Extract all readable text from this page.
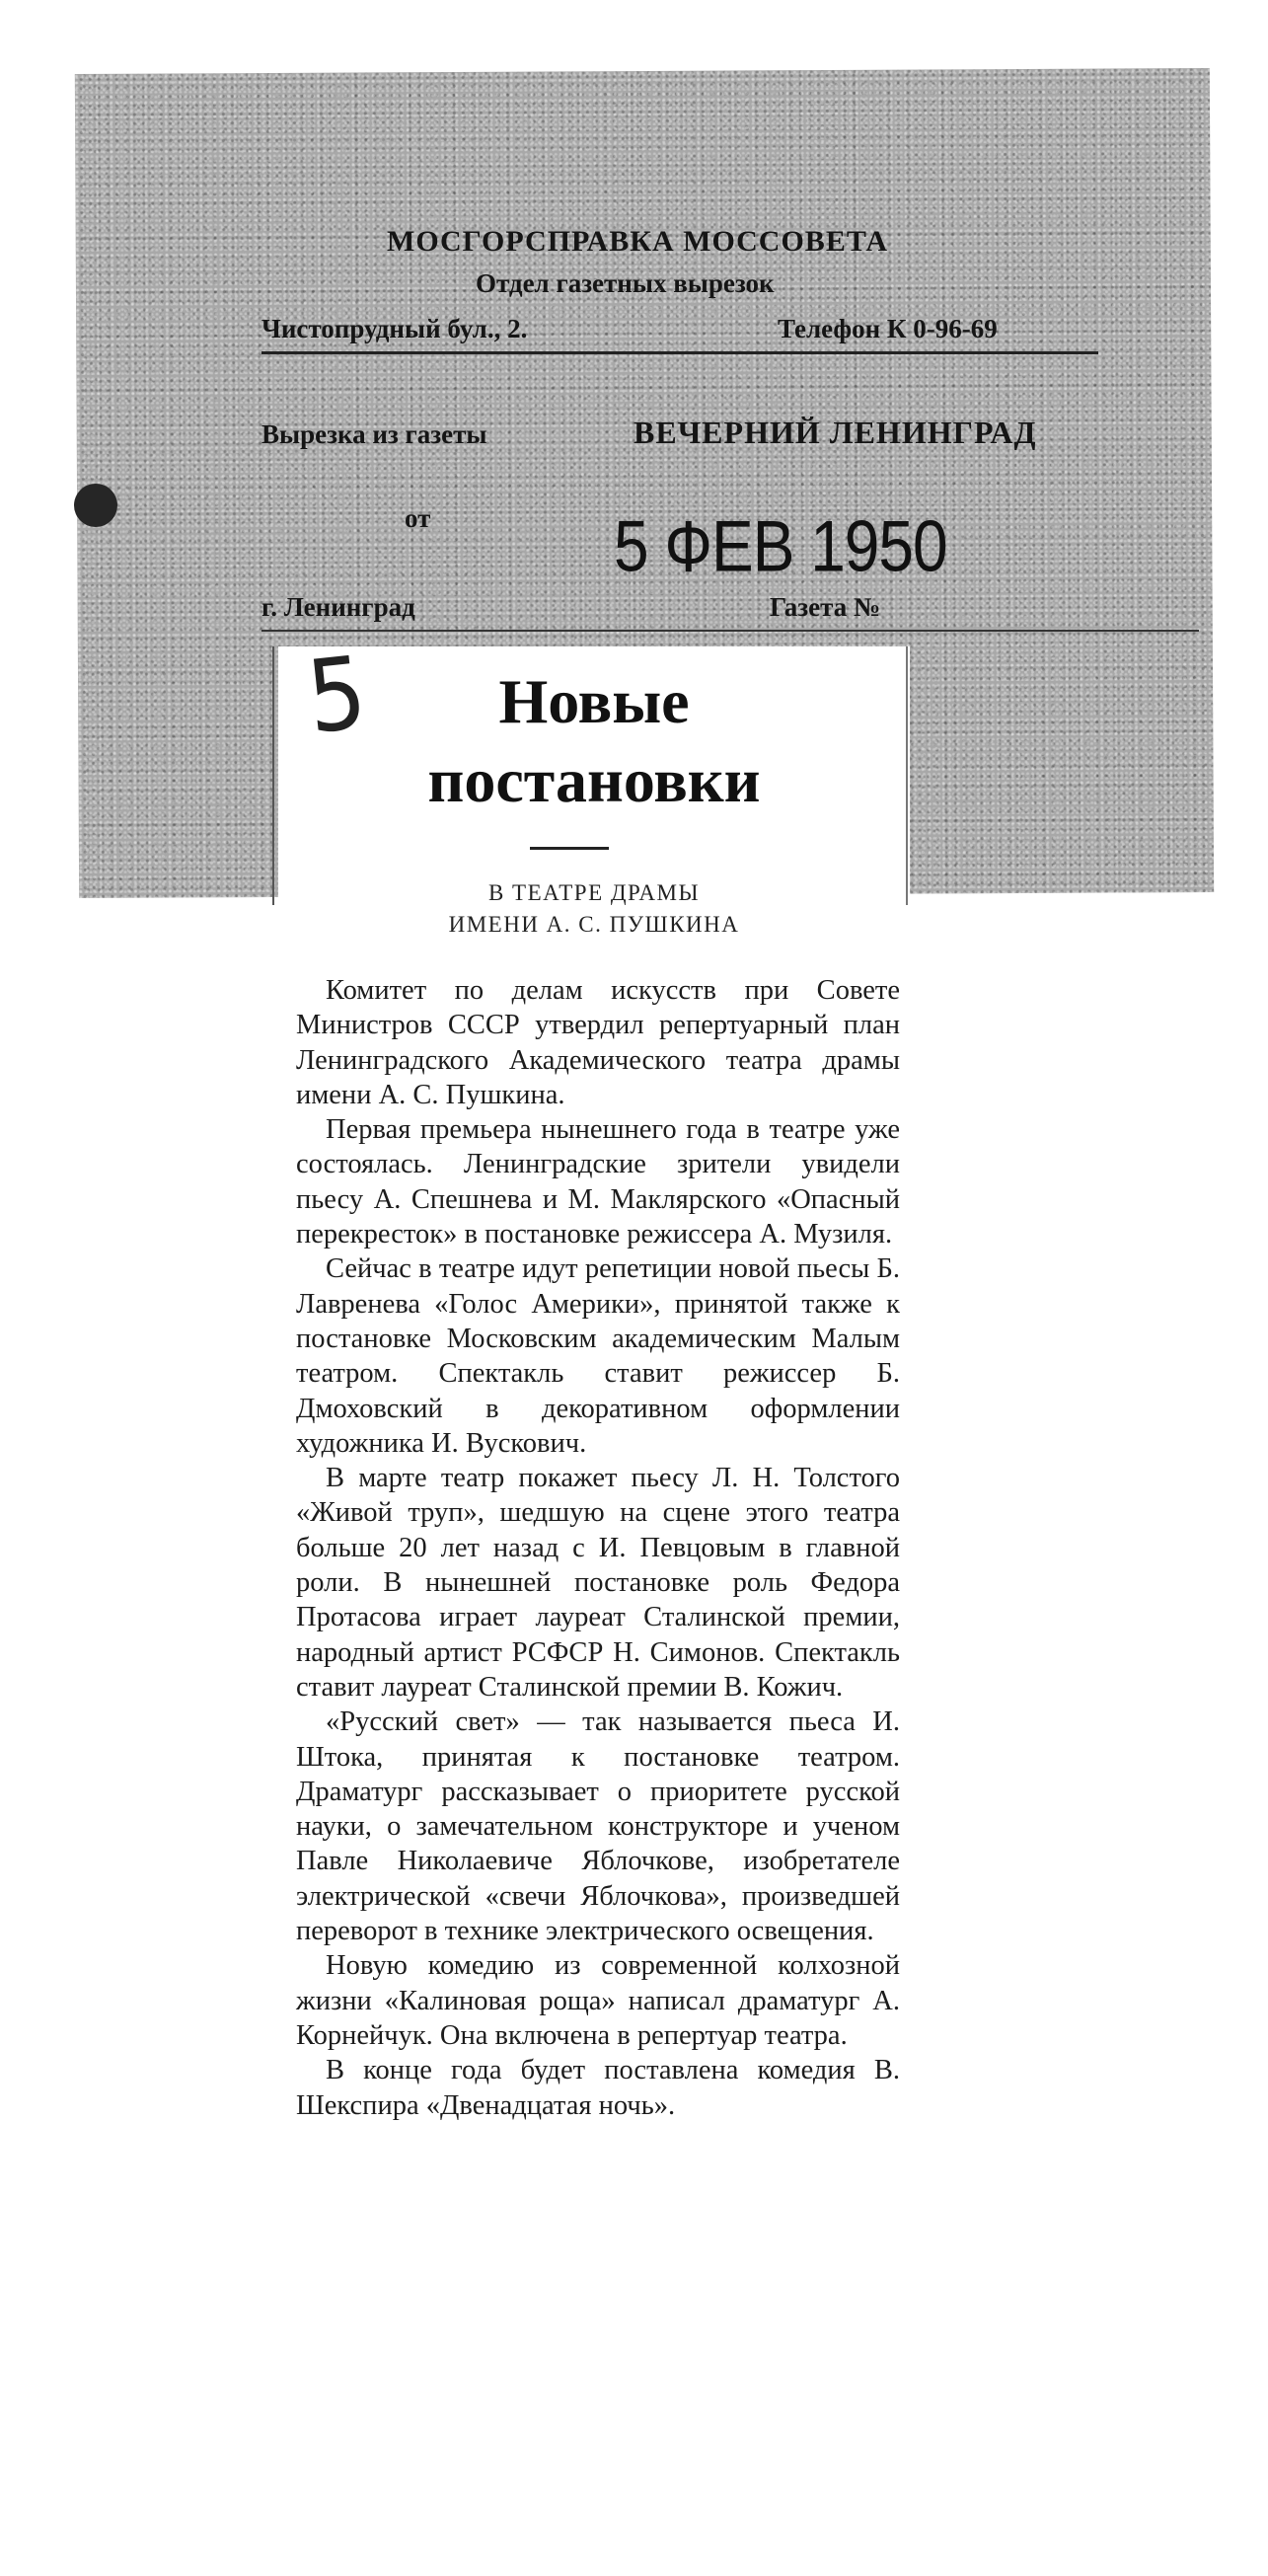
МОСГОРСПРАВКА МОССОВЕТА
Отдел газетных вырезок
Чистопрудный бул., 2.	Телефон К 0-96-69
Вырезка из газеты	ВЕЧЕРНИЙ ЛЕНИНГРАД
от	5 ФЕВ 1950
г. Ленинград	Газета №
5	Новые
постановки
В ТЕАТРЕ ДРАМЫ
ИМЕНИ А. С. ПУШКИНА

Комитет по делам искусств при Совете Министров СССР утвердил репертуарный план Ленинградского Академического театра драмы имени А. С. Пушкина.

Первая премьера нынешнего года в театре уже состоялась. Ленинградские зрители увидели пьесу А. Спешнева и М. Маклярского «Опасный перекресток» в постановке режиссера А. Музиля.

Сейчас в театре идут репетиции новой пьесы Б. Лавренева «Голос Америки», принятой также к постановке Московским академическим Малым театром. Спектакль ставит режиссер Б. Дмоховский в декоративном оформлении художника И. Вускович.

В марте театр покажет пьесу Л. Н. Толстого «Живой труп», шедшую на сцене этого театра больше 20 лет назад с И. Певцовым в главной роли. В нынешней постановке роль Федора Протасова играет лауреат Сталинской премии, народный артист РСФСР Н. Симонов. Спектакль ставит лауреат Сталинской премии В. Кожич.

«Русский свет» — так называется пьеса И. Штока, принятая к постановке театром. Драматург рассказывает о приоритете русской науки, о замечательном конструкторе и ученом Павле Николаевиче Яблочкове, изобретателе электрической «свечи Яблочкова», произведшей переворот в технике электрического освещения.

Новую комедию из современной колхозной жизни «Калиновая роща» написал драматург А. Корнейчук. Она включена в репертуар театра.

В конце года будет поставлена комедия В. Шекспира «Двенадцатая ночь».
